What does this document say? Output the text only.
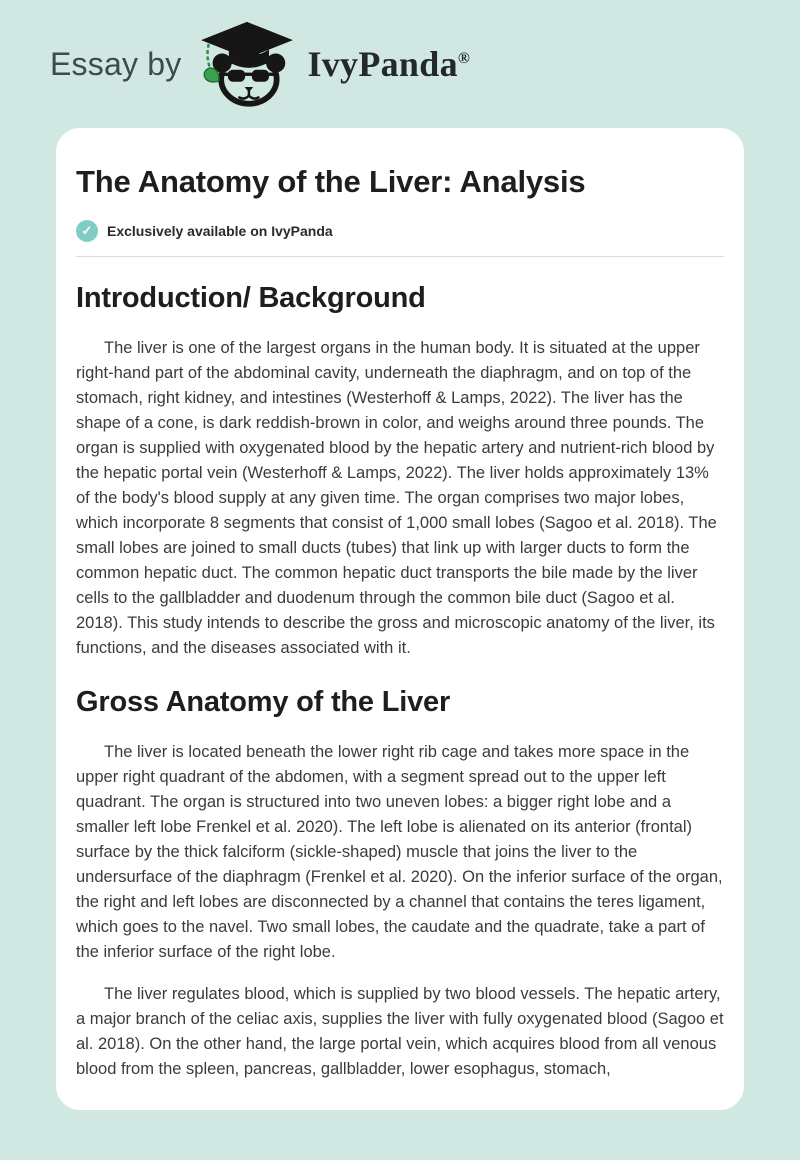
Essay by	IvyPanda®
The Anatomy of the Liver: Analysis
✓	Exclusively available on IvyPanda
Introduction/ Background

The liver is one of the largest organs in the human body. It is situated at the upper right-hand part of the abdominal cavity, underneath the diaphragm, and on top of the stomach, right kidney, and intestines (Westerhoff & Lamps, 2022). The liver has the shape of a cone, is dark reddish-brown in color, and weighs around three pounds. The organ is supplied with oxygenated blood by the hepatic artery and nutrient-rich blood by the hepatic portal vein (Westerhoff & Lamps, 2022). The liver holds approximately 13% of the body's blood supply at any given time. The organ comprises two major lobes, which incorporate 8 segments that consist of 1,000 small lobes (Sagoo et al. 2018). The small lobes are joined to small ducts (tubes) that link up with larger ducts to form the common hepatic duct. The common hepatic duct transports the bile made by the liver cells to the gallbladder and duodenum through the common bile duct (Sagoo et al. 2018). This study intends to describe the gross and microscopic anatomy of the liver, its functions, and the diseases associated with it.

Gross Anatomy of the Liver

The liver is located beneath the lower right rib cage and takes more space in the upper right quadrant of the abdomen, with a segment spread out to the upper left quadrant. The organ is structured into two uneven lobes: a bigger right lobe and a smaller left lobe Frenkel et al. 2020). The left lobe is alienated on its anterior (frontal) surface by the thick falciform (sickle-shaped) muscle that joins the liver to the undersurface of the diaphragm (Frenkel et al. 2020). On the inferior surface of the organ, the right and left lobes are disconnected by a channel that contains the teres ligament, which goes to the navel. Two small lobes, the caudate and the quadrate, take a part of the inferior surface of the right lobe.

The liver regulates blood, which is supplied by two blood vessels. The hepatic artery, a major branch of the celiac axis, supplies the liver with fully oxygenated blood (Sagoo et al. 2018). On the other hand, the large portal vein, which acquires blood from all venous blood from the spleen, pancreas, gallbladder, lower esophagus, stomach,
